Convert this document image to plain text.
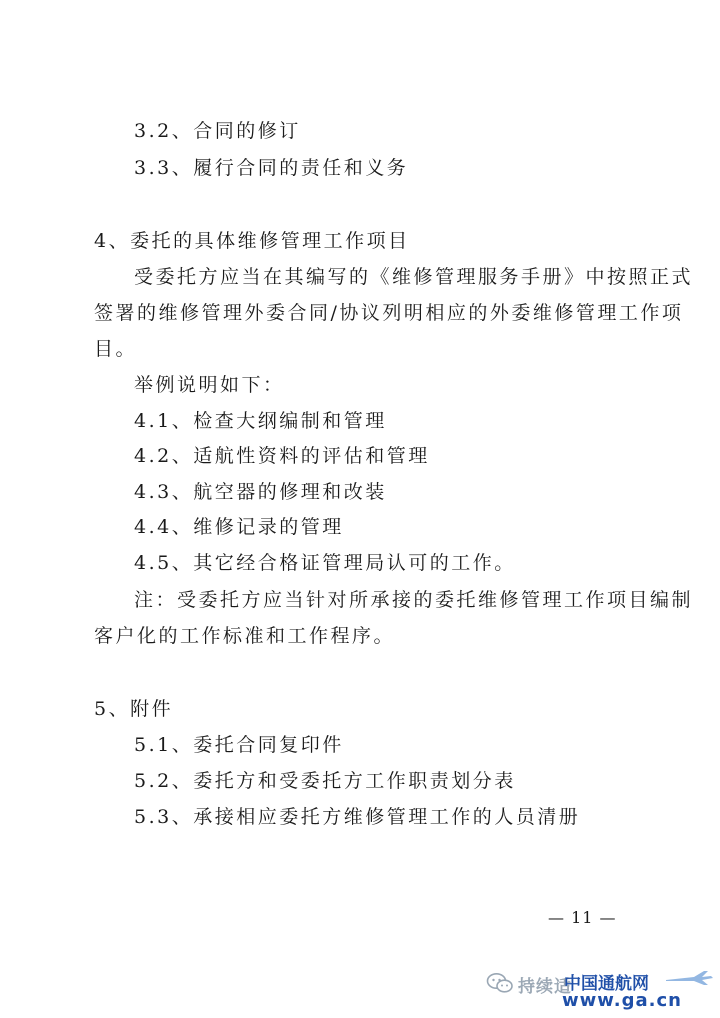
3.2、合同的修订
3.3、履行合同的责任和义务
4、委托的具体维修管理工作项目
受委托方应当在其编写的《维修管理服务手册》中按照正式
签署的维修管理外委合同/协议列明相应的外委维修管理工作项
目。
举例说明如下：
4.1、检查大纲编制和管理
4.2、适航性资料的评估和管理
4.3、航空器的修理和改装
4.4、维修记录的管理
4.5、其它经合格证管理局认可的工作。
注：受委托方应当针对所承接的委托维修管理工作项目编制
客户化的工作标准和工作程序。
5、附件
5.1、委托合同复印件
5.2、委托方和受委托方工作职责划分表
5.3、承接相应委托方维修管理工作的人员清册
— 11 —
持续适
中国通航网
www.ga.cn
